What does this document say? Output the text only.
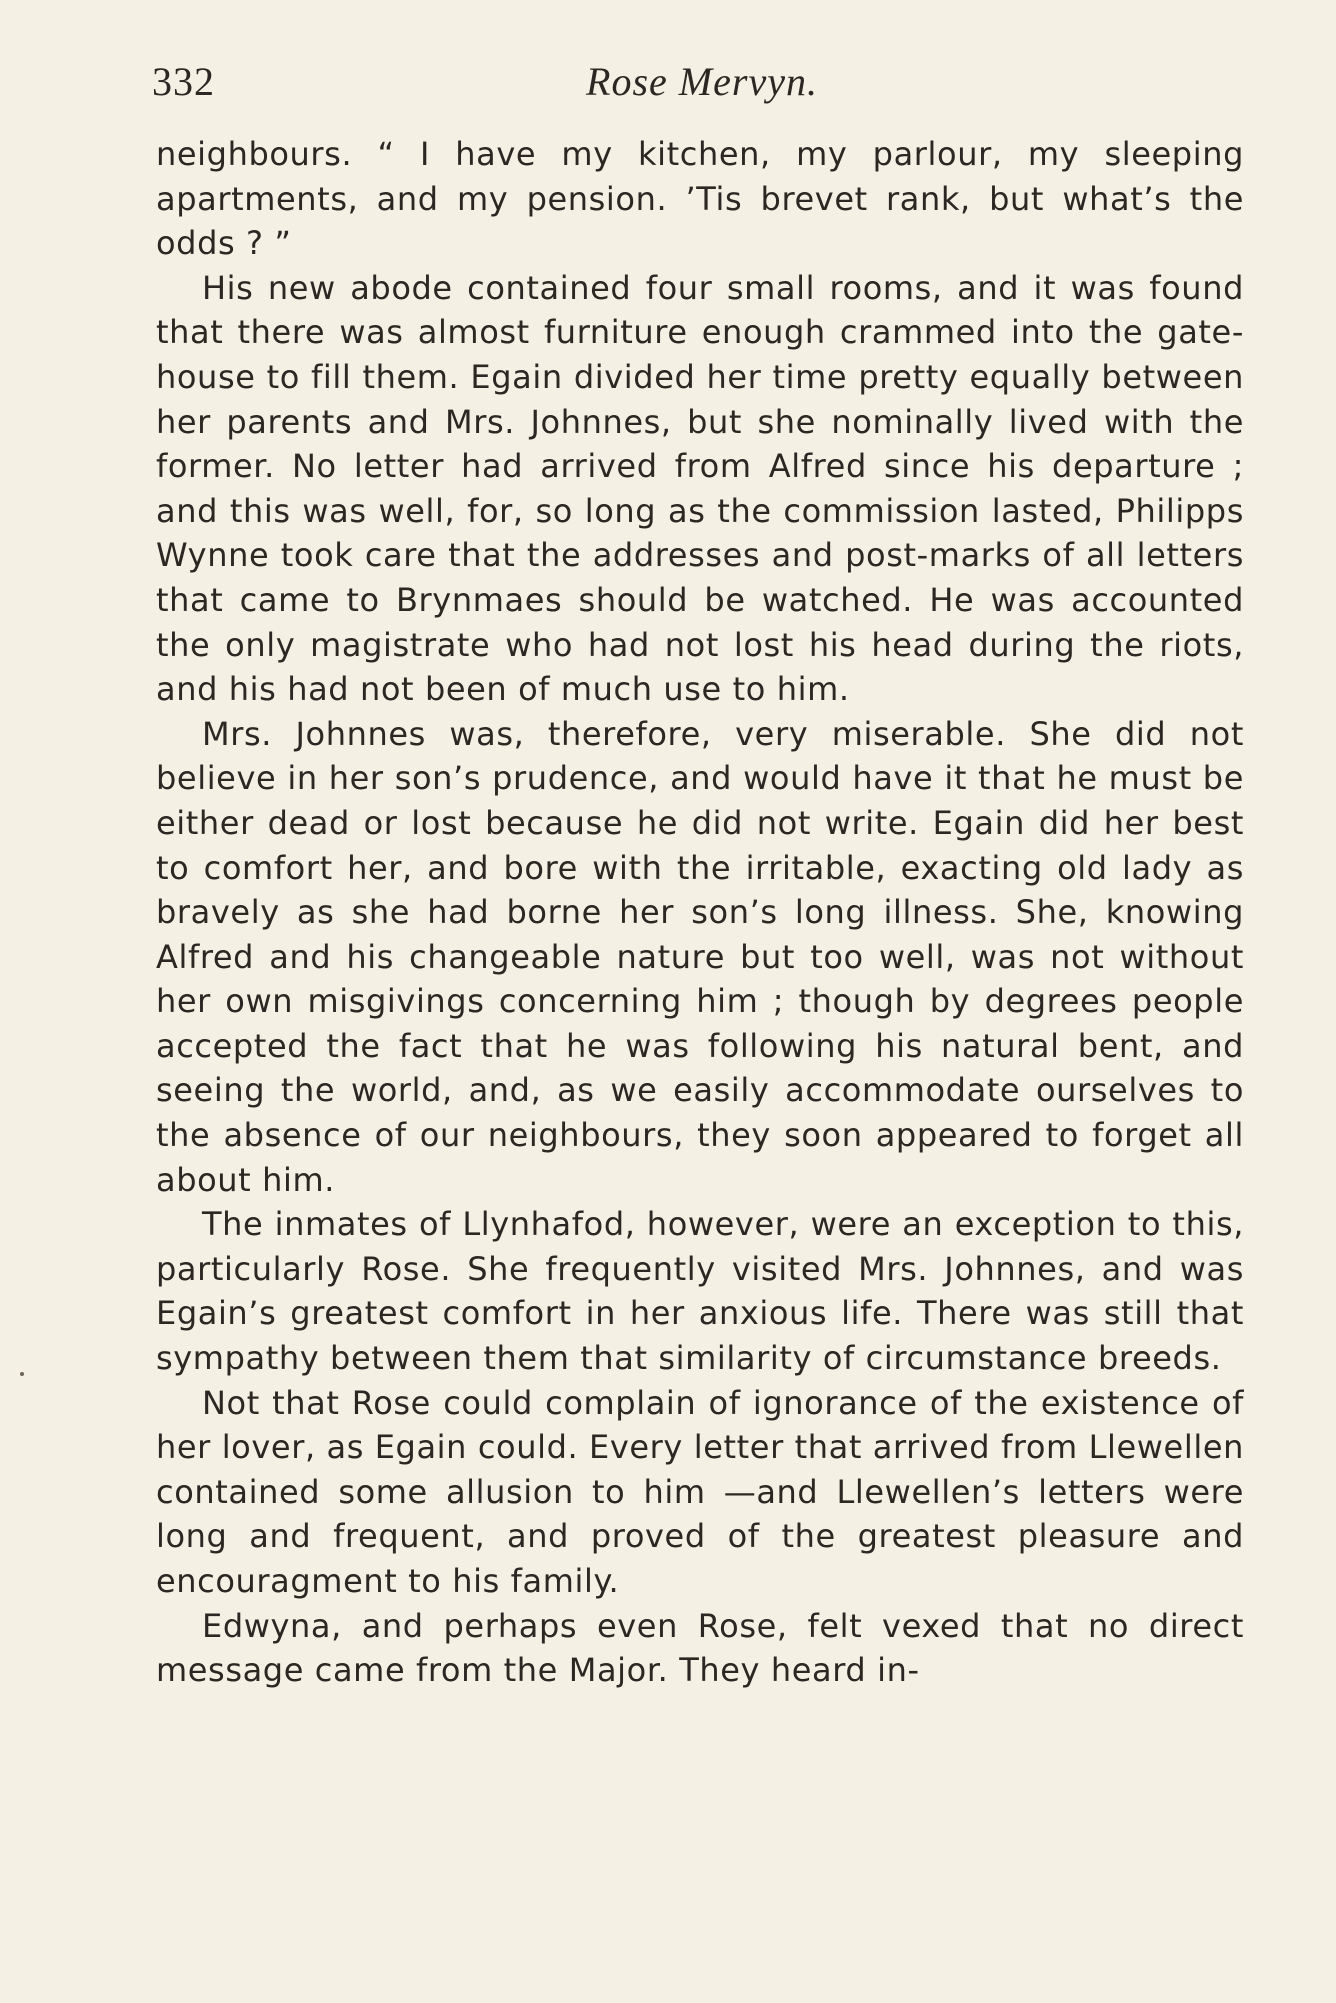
332	Rose Mervyn.

neighbours. “ I have my kitchen, my parlour, my sleeping apartments, and my pension. ’Tis brevet rank, but what’s the odds ? ”

His new abode contained four small rooms, and it was found that there was almost furniture enough crammed into the gate-house to fill them. Egain divided her time pretty equally between her parents and Mrs. Johnnes, but she nominally lived with the former. No letter had arrived from Alfred since his departure ; and this was well, for, so long as the commission lasted, Philipps Wynne took care that the addresses and post-marks of all letters that came to Brynmaes should be watched. He was accounted the only magistrate who had not lost his head during the riots, and his had not been of much use to him.

Mrs. Johnnes was, therefore, very miserable. She did not believe in her son’s prudence, and would have it that he must be either dead or lost because he did not write. Egain did her best to comfort her, and bore with the irritable, exacting old lady as bravely as she had borne her son’s long illness. She, knowing Alfred and his changeable nature but too well, was not without her own misgivings concerning him ; though by degrees people accepted the fact that he was following his natural bent, and seeing the world, and, as we easily accommodate ourselves to the absence of our neighbours, they soon appeared to forget all about him.

The inmates of Llynhafod, however, were an exception to this, particularly Rose. She frequently visited Mrs. Johnnes, and was Egain’s greatest comfort in her anxious life. There was still that sympathy between them that similarity of circumstance breeds.

Not that Rose could complain of ignorance of the existence of her lover, as Egain could. Every letter that arrived from Llewellen contained some allusion to him —and Llewellen’s letters were long and frequent, and proved of the greatest pleasure and encouragment to his family.

Edwyna, and perhaps even Rose, felt vexed that no direct message came from the Major. They heard in-
